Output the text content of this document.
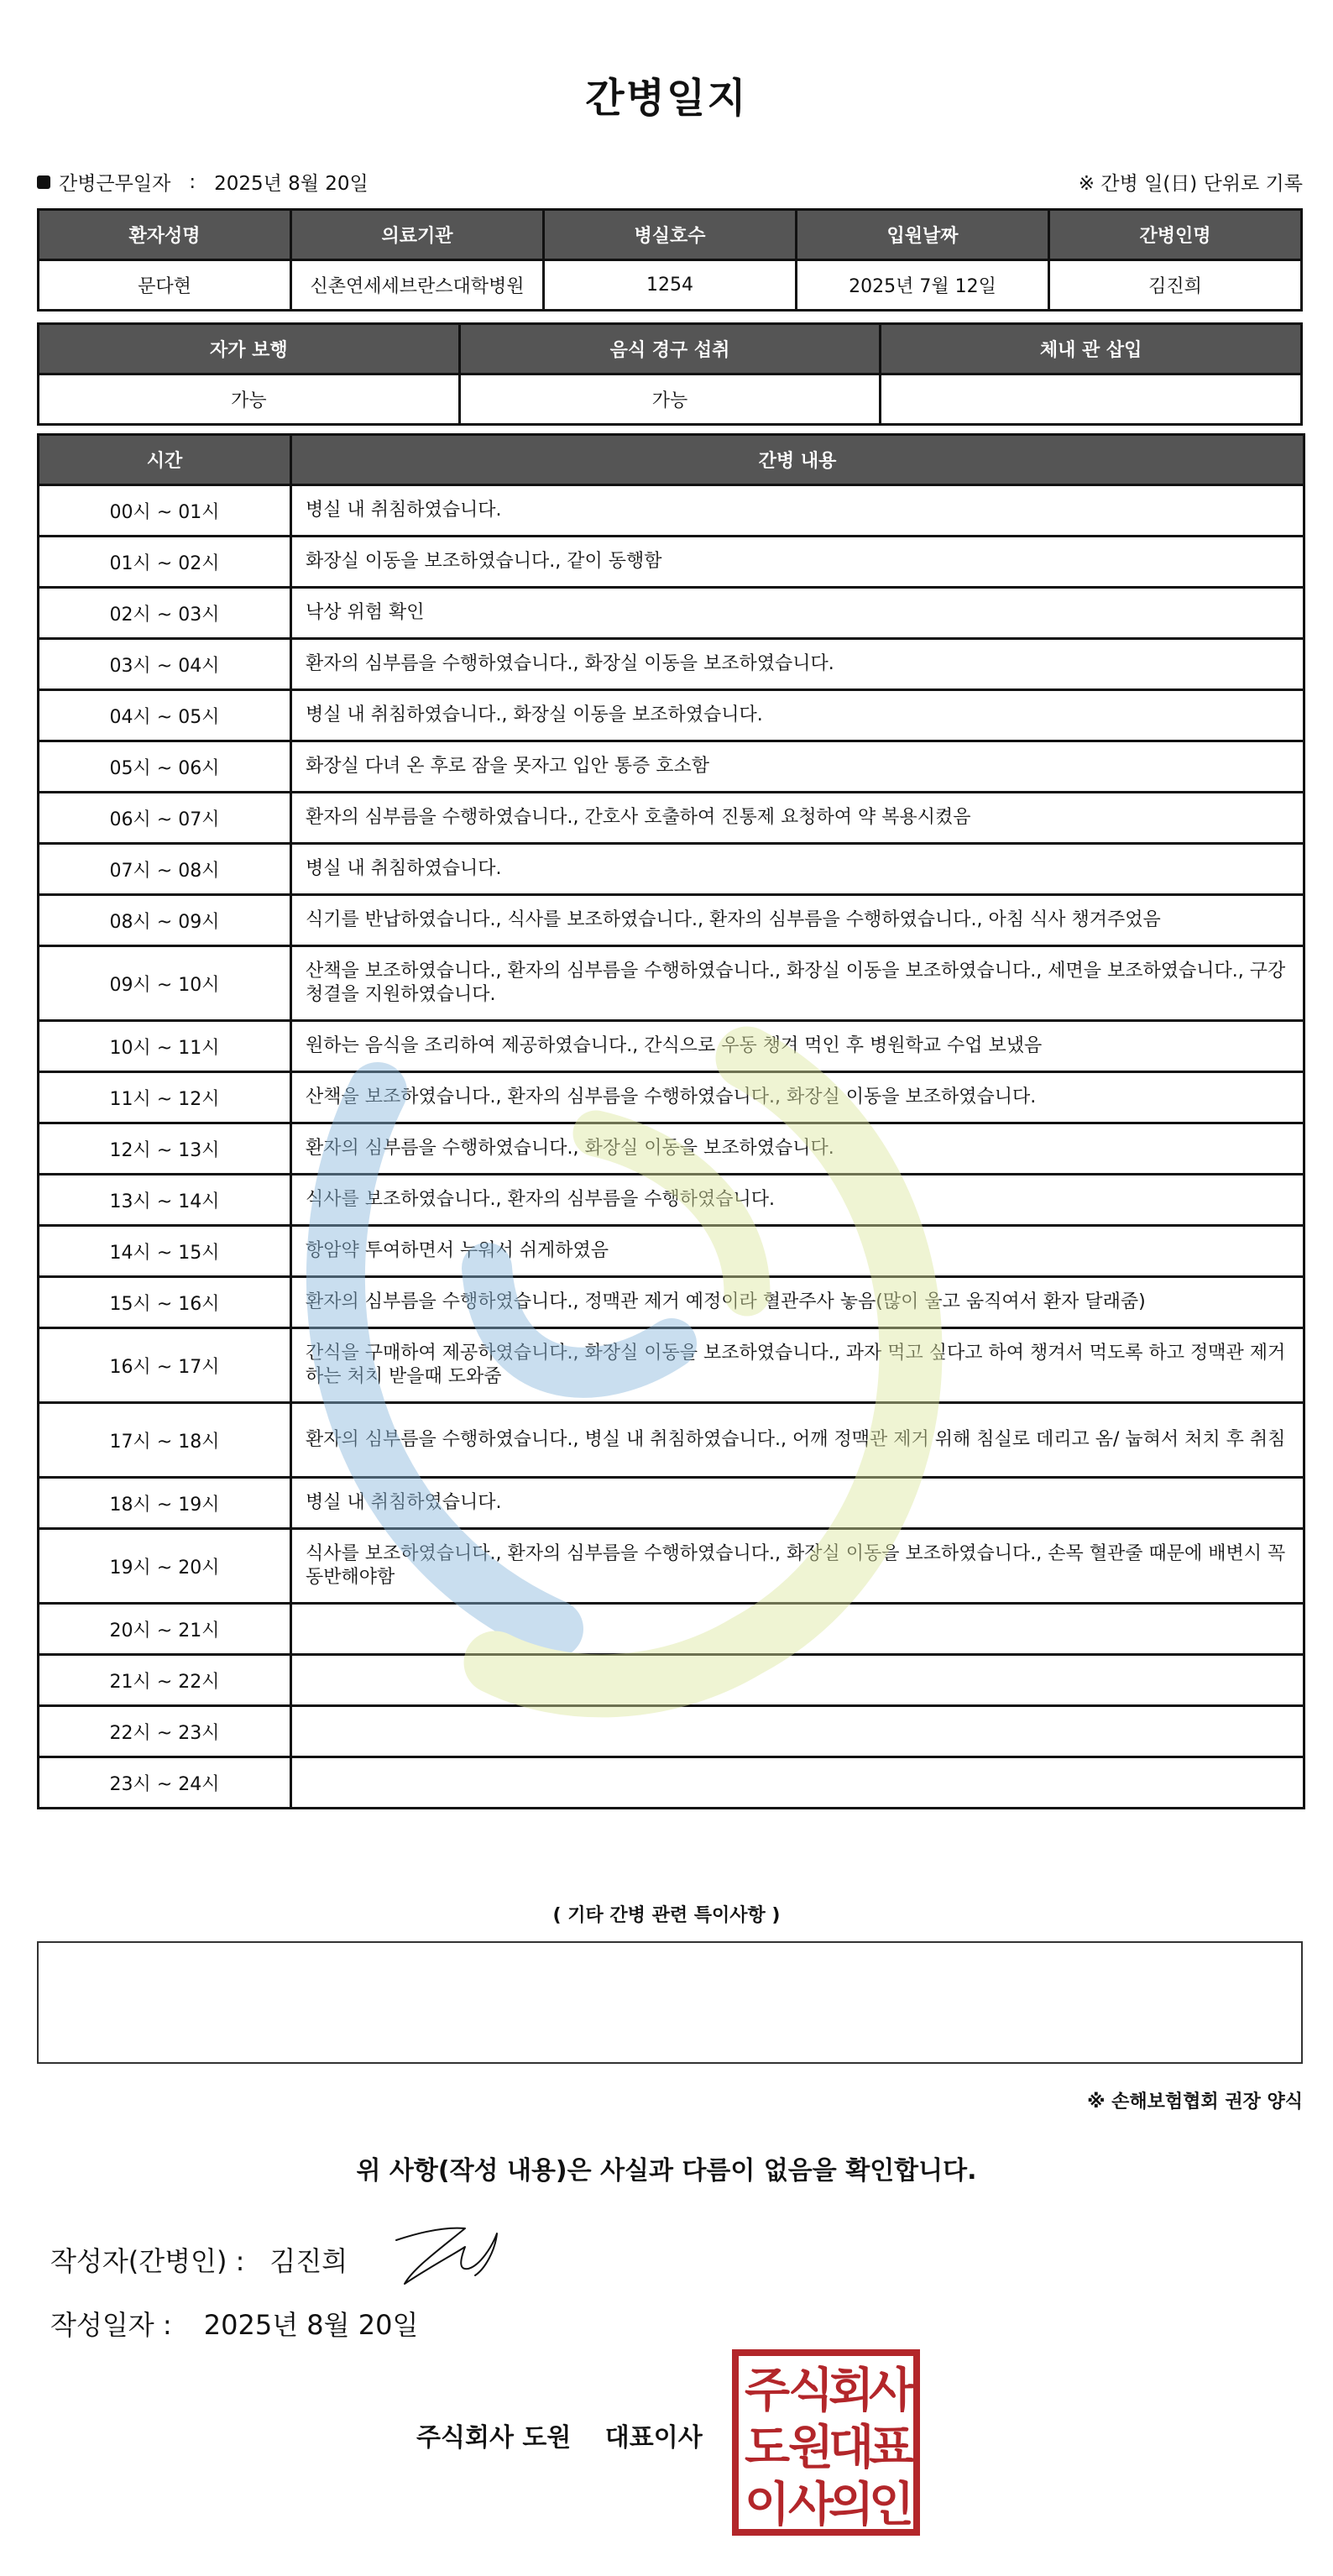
간병일지
간병근무일자 : 2025년 8월 20일	※ 간병 일(日) 단위로 기록
환자성명	의료기관	병실호수	입원날짜	간병인명
문다현	신촌연세세브란스대학병원	1254	2025년 7월 12일	김진희
자가 보행	음식 경구 섭취	체내 관 삽입
가능	가능	
시간	간병 내용
00시 ~ 01시	병실 내 취침하였습니다.
01시 ~ 02시	화장실 이동을 보조하였습니다., 같이 동행함
02시 ~ 03시	낙상 위험 확인
03시 ~ 04시	환자의 심부름을 수행하였습니다., 화장실 이동을 보조하였습니다.
04시 ~ 05시	병실 내 취침하였습니다., 화장실 이동을 보조하였습니다.
05시 ~ 06시	화장실 다녀 온 후로 잠을 못자고 입안 통증 호소함
06시 ~ 07시	환자의 심부름을 수행하였습니다., 간호사 호출하여 진통제 요청하여 약 복용시켰음
07시 ~ 08시	병실 내 취침하였습니다.
08시 ~ 09시	식기를 반납하였습니다., 식사를 보조하였습니다., 환자의 심부름을 수행하였습니다., 아침 식사 챙겨주었음
09시 ~ 10시	산책을 보조하였습니다., 환자의 심부름을 수행하였습니다., 화장실 이동을 보조하였습니다., 세면을 보조하였습니다., 구강청결을 지원하였습니다.
10시 ~ 11시	원하는 음식을 조리하여 제공하였습니다., 간식으로 우동 챙겨 먹인 후 병원학교 수업 보냈음
11시 ~ 12시	산책을 보조하였습니다., 환자의 심부름을 수행하였습니다., 화장실 이동을 보조하였습니다.
12시 ~ 13시	환자의 심부름을 수행하였습니다., 화장실 이동을 보조하였습니다.
13시 ~ 14시	식사를 보조하였습니다., 환자의 심부름을 수행하였습니다.
14시 ~ 15시	항암약 투여하면서 누워서 쉬게하였음
15시 ~ 16시	환자의 심부름을 수행하였습니다., 정맥관 제거 예정이라 혈관주사 놓음(많이 울고 움직여서 환자 달래줌)
16시 ~ 17시	간식을 구매하여 제공하였습니다., 화장실 이동을 보조하였습니다., 과자 먹고 싶다고 하여 챙겨서 먹도록 하고 정맥관 제거하는 처치 받을때 도와줌
17시 ~ 18시	환자의 심부름을 수행하였습니다., 병실 내 취침하였습니다., 어깨 정맥관 제거 위해 침실로 데리고 옴/ 눕혀서 처치 후 취침
18시 ~ 19시	병실 내 취침하였습니다.
19시 ~ 20시	식사를 보조하였습니다., 환자의 심부름을 수행하였습니다., 화장실 이동을 보조하였습니다., 손목 혈관줄 때문에 배변시 꼭 동반해야함
20시 ~ 21시	
21시 ~ 22시	
22시 ~ 23시	
23시 ~ 24시	
( 기타 간병 관련 특이사항 )
※ 손해보험협회 권장 양식
위 사항(작성 내용)은 사실과 다름이 없음을 확인합니다.
작성자(간병인) : 김진희
작성일자 : 2025년 8월 20일
주식회사 도원 대표이사
주
식
회
사
도
원
대
표
이
사
의
인
